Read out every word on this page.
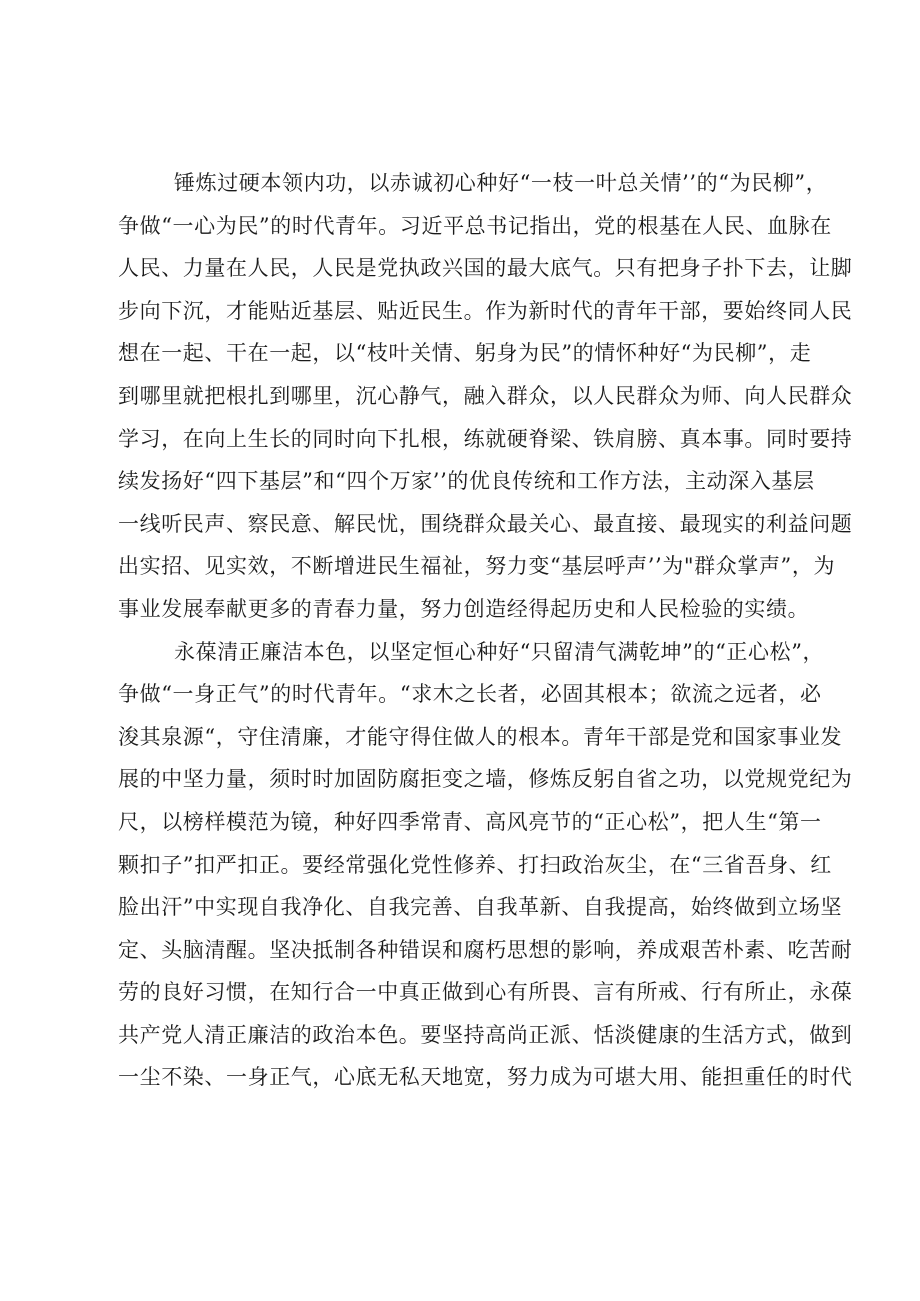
锤炼过硬本领内功，以赤诚初心种好“一枝一叶总关情’’的“为民柳”，
争做“一心为民”的时代青年。习近平总书记指出，党的根基在人民、血脉在
人民、力量在人民，人民是党执政兴国的最大底气。只有把身子扑下去，让脚
步向下沉，才能贴近基层、贴近民生。作为新时代的青年干部，要始终同人民
想在一起、干在一起，以“枝叶关情、躬身为民”的情怀种好“为民柳”，走
到哪里就把根扎到哪里，沉心静气，融入群众，以人民群众为师、向人民群众
学习，在向上生长的同时向下扎根，练就硬脊梁、铁肩膀、真本事。同时要持
续发扬好“四下基层”和“四个万家’’的优良传统和工作方法，主动深入基层
一线听民声、察民意、解民忧，围绕群众最关心、最直接、最现实的利益问题
出实招、见实效，不断增进民生福祉，努力变“基层呼声’’为"群众掌声”，为
事业发展奉献更多的青春力量，努力创造经得起历史和人民检验的实绩。
永葆清正廉洁本色，以坚定恒心种好“只留清气满乾坤”的“正心松”，
争做“一身正气”的时代青年。“求木之长者，必固其根本；欲流之远者，必
浚其泉源“，守住清廉，才能守得住做人的根本。青年干部是党和国家事业发
展的中坚力量，须时时加固防腐拒变之墙，修炼反躬自省之功，以党规党纪为
尺，以榜样模范为镜，种好四季常青、高风亮节的“正心松”，把人生“第一
颗扣子”扣严扣正。要经常强化党性修养、打扫政治灰尘，在“三省吾身、红
脸出汗”中实现自我净化、自我完善、自我革新、自我提高，始终做到立场坚
定、头脑清醒。坚决抵制各种错误和腐朽思想的影响，养成艰苦朴素、吃苦耐
劳的良好习惯，在知行合一中真正做到心有所畏、言有所戒、行有所止，永葆
共产党人清正廉洁的政治本色。要坚持高尚正派、恬淡健康的生活方式，做到
一尘不染、一身正气，心底无私天地宽，努力成为可堪大用、能担重任的时代
